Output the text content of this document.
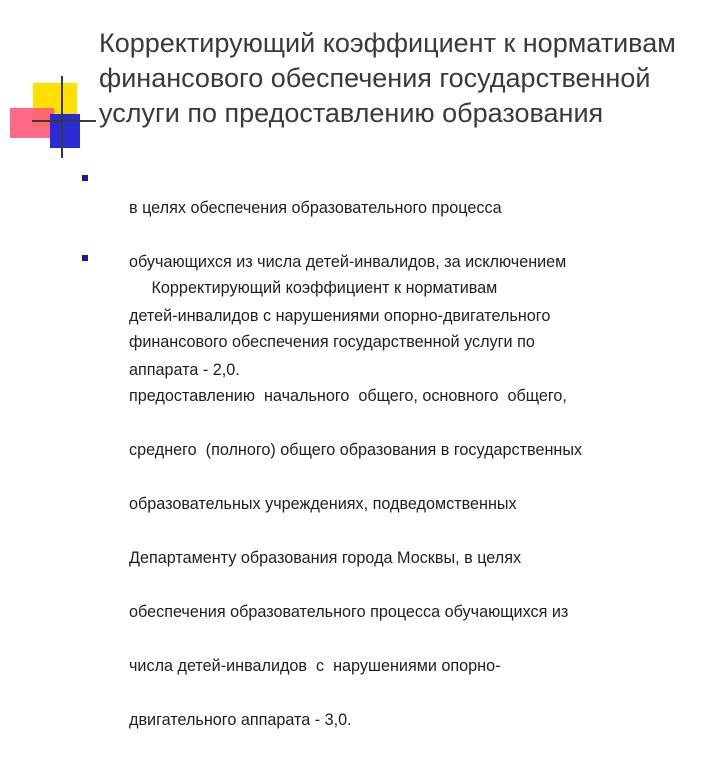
Корректирующий коэффициент к нормативам
финансового обеспечения государственной
услуги по предоставлению образования

в целях обеспечения образовательного процесса

обучающихся из числа детей-инвалидов, за исключением

детей-инвалидов с нарушениями опорно-двигательного

аппарата - 2,0.

Корректирующий коэффициент к нормативам

финансового обеспечения государственной услуги по

предоставлению  начального  общего, основного  общего,

среднего  (полного) общего образования в государственных

образовательных учреждениях, подведомственных

Департаменту образования города Москвы, в целях

обеспечения образовательного процесса обучающихся из

числа детей-инвалидов  с  нарушениями опорно-

двигательного аппарата - 3,0.
